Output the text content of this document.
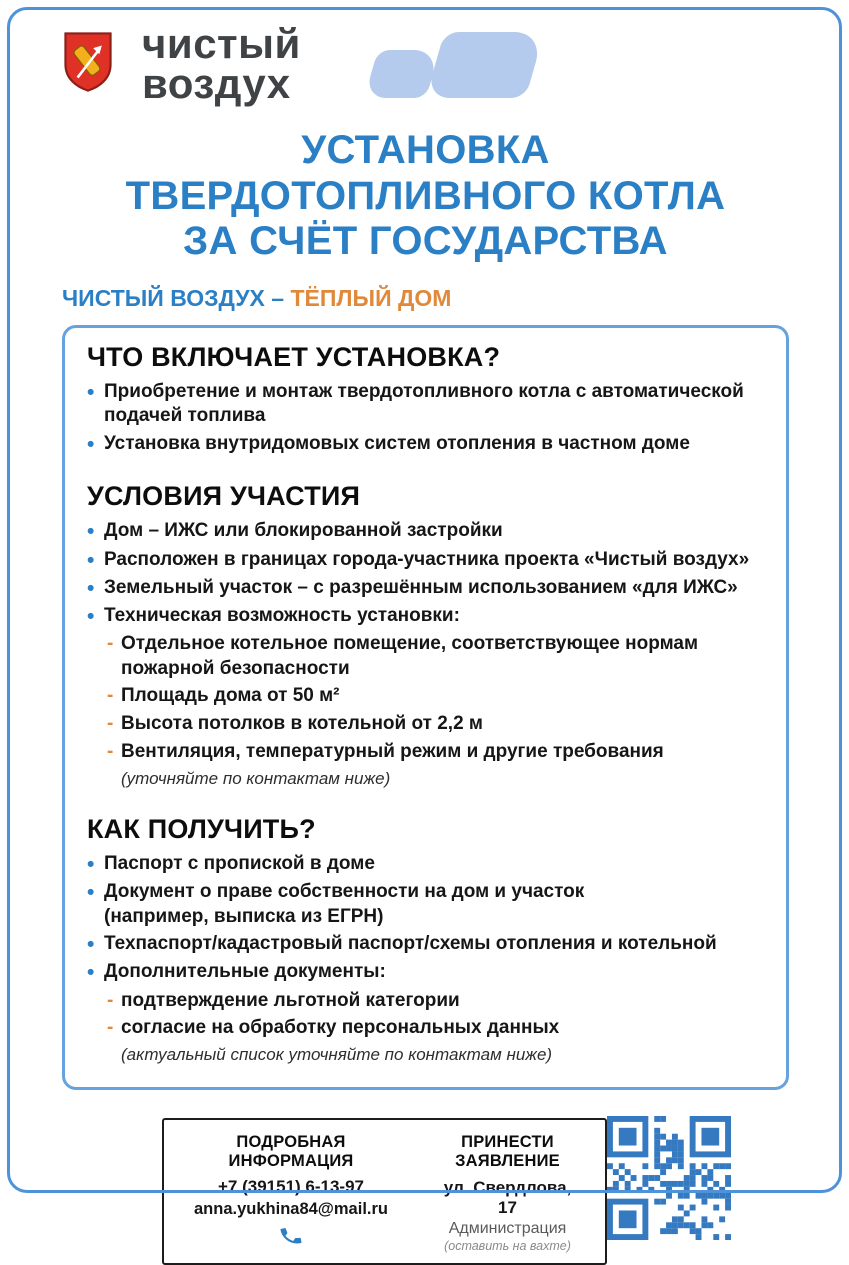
чистый
воздух
УСТАНОВКА
ТВЕРДОТОПЛИВНОГО КОТЛА
ЗА СЧЁТ ГОСУДАРСТВА
ЧИСТЫЙ ВОЗДУХ – ТЁПЛЫЙ ДОМ
ЧТО ВКЛЮЧАЕТ УСТАНОВКА?
• Приобретение и монтаж твердотопливного котла с автоматической подачей топлива
• Установка внутридомовых систем отопления в частном доме
УСЛОВИЯ УЧАСТИЯ
• Дом – ИЖС или блокированной застройки
• Расположен в границах города-участника проекта «Чистый воздух»
• Земельный участок – с разрешённым использованием «для ИЖС»
• Техническая возможность установки:
- Отдельное котельное помещение, соответствующее нормам пожарной безопасности
- Площадь дома от 50 м²
- Высота потолков в котельной от 2,2 м
- Вентиляция, температурный режим и другие требования
(уточняйте по контактам ниже)
КАК ПОЛУЧИТЬ?
• Паспорт с пропиской в доме
• Документ о праве собственности на дом и участок
(например, выписка из ЕГРН)
• Техпаспорт/кадастровый паспорт/схемы отопления и котельной
• Дополнительные документы:
- подтверждение льготной категории
- согласие на обработку персональных данных
(актуальный список уточняйте по контактам ниже)
ПОДРОБНАЯ ИНФОРМАЦИЯ
+7 (39151) 6-13-97
anna.yukhina84@mail.ru
ПРИНЕСТИ ЗАЯВЛЕНИЕ
ул. Свердлова, 17
Администрация
(оставить на вахте)
